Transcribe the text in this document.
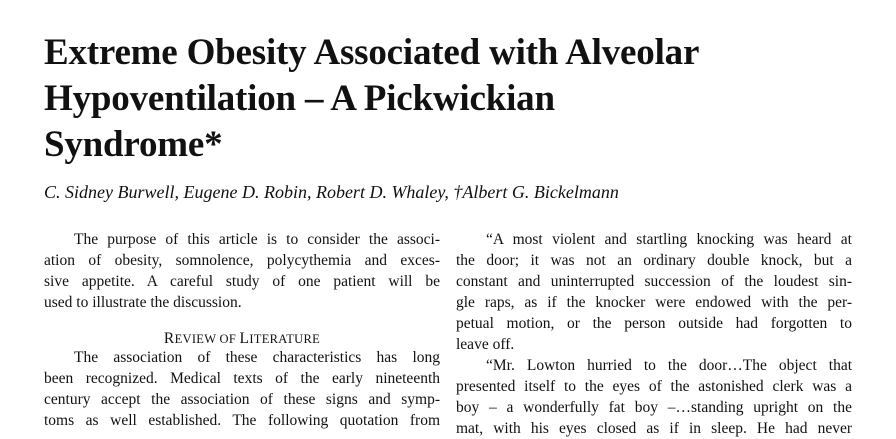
Extreme Obesity Associated with Alveolar
Hypoventilation – A Pickwickian
Syndrome*
C. Sidney Burwell, Eugene D. Robin, Robert D. Whaley, †Albert G. Bickelmann
The purpose of this article is to consider the associ-
ation of obesity, somnolence, polycythemia and exces-
sive appetite. A careful study of one patient will be
used to illustrate the discussion.
REVIEW OF LITERATURE
The association of these characteristics has long
been recognized. Medical texts of the early nineteenth
century accept the association of these signs and symp-
toms as well established. The following quotation from
“A most violent and startling knocking was heard at
the door; it was not an ordinary double knock, but a
constant and uninterrupted succession of the loudest sin-
gle raps, as if the knocker were endowed with the per-
petual motion, or the person outside had forgotten to
leave off.
“Mr. Lowton hurried to the door…The object that
presented itself to the eyes of the astonished clerk was a
boy – a wonderfully fat boy –…standing upright on the
mat, with his eyes closed as if in sleep. He had never
